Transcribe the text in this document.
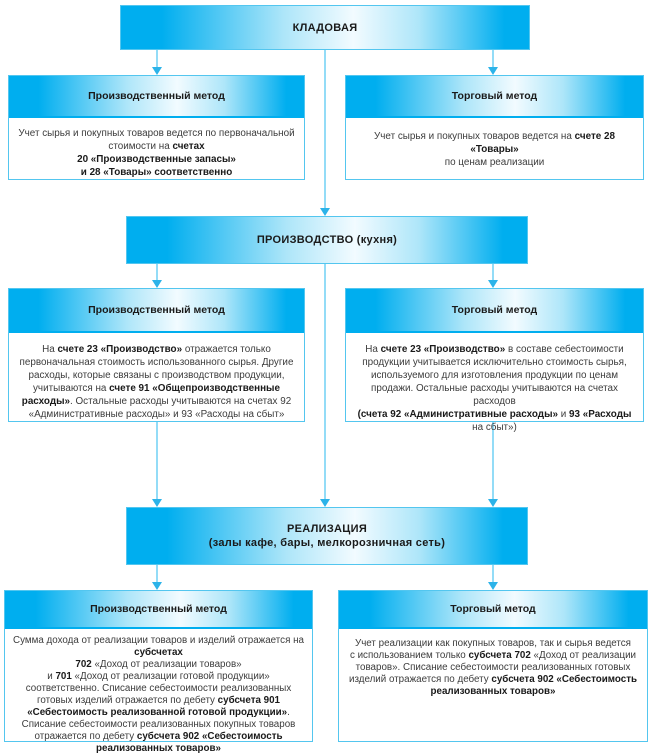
КЛАДОВАЯ
Производственный метод
Учет сырья и покупных товаров ведется по первоначальной
стоимости на счетах
20 «Производственные запасы»
и 28 «Товары» соответственно
Торговый метод
Учет сырья и покупных товаров ведется на счете 28 «Товары»
по ценам реализации
ПРОИЗВОДСТВО (кухня)
Производственный метод
На счете 23 «Производство» отражается только первоначальная стоимость использованного сырья. Другие расходы, которые связаны с производством продукции, учитываются на счете 91 «Общепроизводственные расходы». Остальные расходы учитываются на счетах 92 «Административные расходы» и 93 «Расходы на сбыт»
Торговый метод
На счете 23 «Производство» в составе себестоимости продукции учитывается исключительно стоимость сырья, используемого для изготовления продукции по ценам продажи. Остальные расходы учитываются на счетах расходов
(счета 92 «Административные расходы» и 93 «Расходы
на сбыт»)
РЕАЛИЗАЦИЯ
(залы кафе, бары, мелкорозничная сеть)
Производственный метод
Сумма дохода от реализации товаров и изделий отражается на
субсчетах
702 «Доход от реализации товаров»
и 701 «Доход от реализации готовой продукции» соответственно. Списание себестоимости реализованных готовых изделий отражается по дебету субсчета 901 «Себестоимость реализованной готовой продукции». Списание себестоимости реализованных покупных товаров отражается по дебету субсчета 902 «Себестоимость реализованных товаров»
Торговый метод
Учет реализации как покупных товаров, так и сырья ведется
с использованием только субсчета 702 «Доход от реализации товаров». Списание себестоимости реализованных готовых изделий отражается по дебету субсчета 902 «Себестоимость реализованных товаров»
